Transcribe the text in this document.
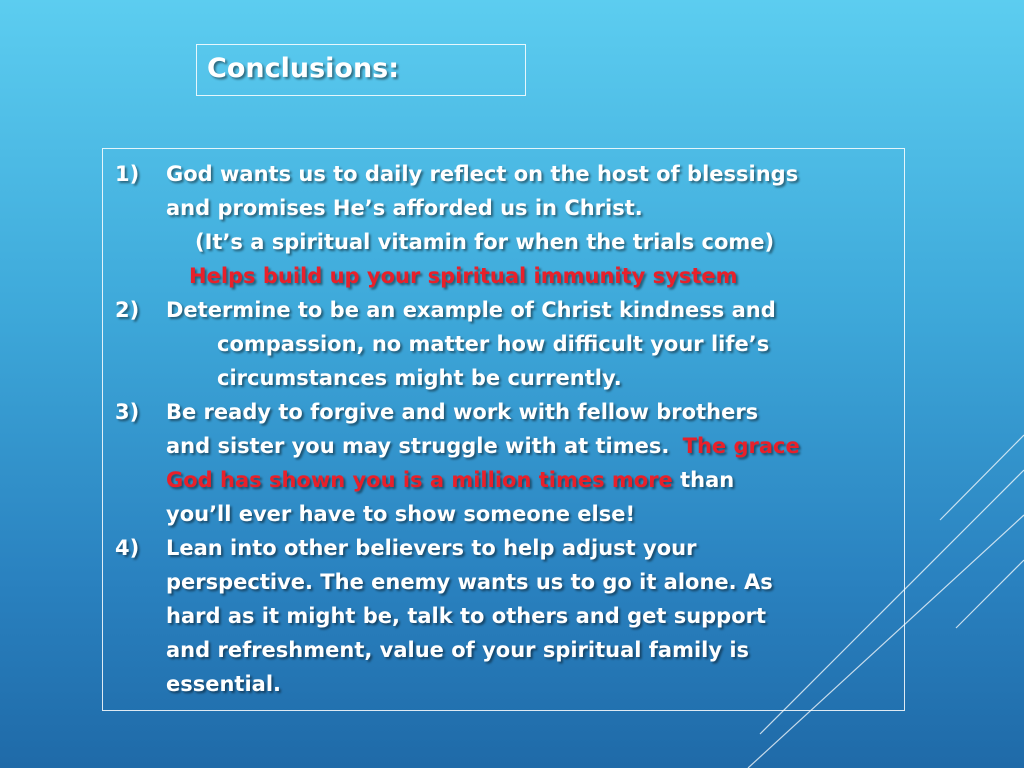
Conclusions:
1) God wants us to daily reflect on the host of blessings
and promises He’s afforded us in Christ.
(It’s a spiritual vitamin for when the trials come)
Helps build up your spiritual immunity system
2) Determine to be an example of Christ kindness and
compassion, no matter how difficult your life’s
circumstances might be currently.
3) Be ready to forgive and work with fellow brothers
and sister you may struggle with at times. The grace
God has shown you is a million times more than
you’ll ever have to show someone else!
4) Lean into other believers to help adjust your
perspective. The enemy wants us to go it alone. As
hard as it might be, talk to others and get support
and refreshment, value of your spiritual family is
essential.
